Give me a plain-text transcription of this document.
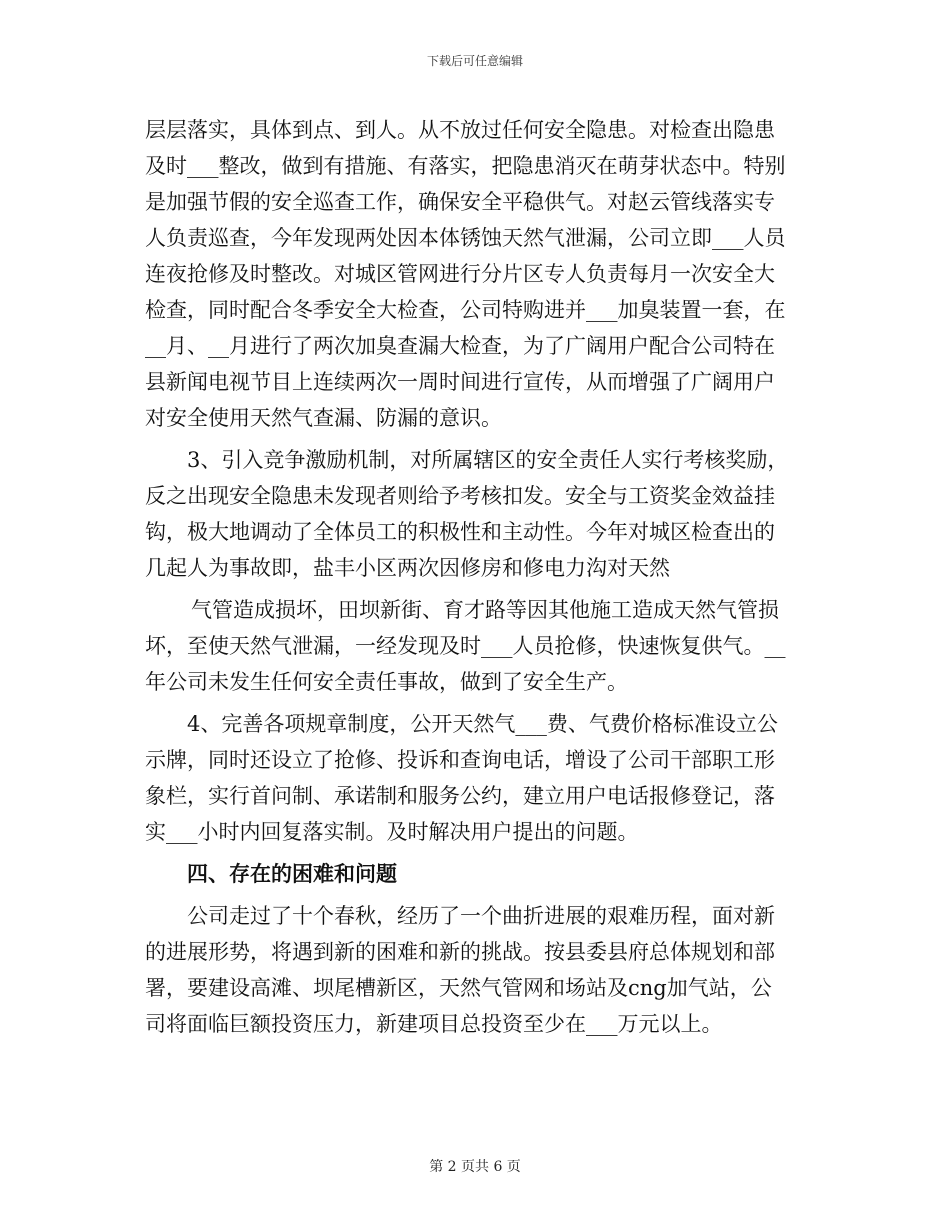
下载后可任意编辑
层层落实，具体到点、到人。从不放过任何安全隐患。对检查出隐患
及时___整改，做到有措施、有落实，把隐患消灭在萌芽状态中。特别
是加强节假的安全巡查工作，确保安全平稳供气。对赵云管线落实专
人负责巡查，今年发现两处因本体锈蚀天然气泄漏，公司立即___人员
连夜抢修及时整改。对城区管网进行分片区专人负责每月一次安全大
检查，同时配合冬季安全大检查，公司特购进并___加臭装置一套，在
__月、__月进行了两次加臭查漏大检查，为了广阔用户配合公司特在
县新闻电视节目上连续两次一周时间进行宣传，从而增强了广阔用户
对安全使用天然气查漏、防漏的意识。
3、引入竞争激励机制，对所属辖区的安全责任人实行考核奖励，
反之出现安全隐患未发现者则给予考核扣发。安全与工资奖金效益挂
钩，极大地调动了全体员工的积极性和主动性。今年对城区检查出的
几起人为事故即，盐丰小区两次因修房和修电力沟对天然
气管造成损坏，田坝新街、育才路等因其他施工造成天然气管损
坏，至使天然气泄漏，一经发现及时___人员抢修，快速恢复供气。__
年公司未发生任何安全责任事故，做到了安全生产。
4、完善各项规章制度，公开天然气___费、气费价格标准设立公
示牌，同时还设立了抢修、投诉和查询电话，增设了公司干部职工形
象栏，实行首问制、承诺制和服务公约，建立用户电话报修登记，落
实___小时内回复落实制。及时解决用户提出的问题。
四、存在的困难和问题
公司走过了十个春秋，经历了一个曲折进展的艰难历程，面对新
的进展形势，将遇到新的困难和新的挑战。按县委县府总体规划和部
署，要建设高滩、坝尾槽新区，天然气管网和场站及cng加气站，公
司将面临巨额投资压力，新建项目总投资至少在___万元以上。
第 2 页共 6 页
